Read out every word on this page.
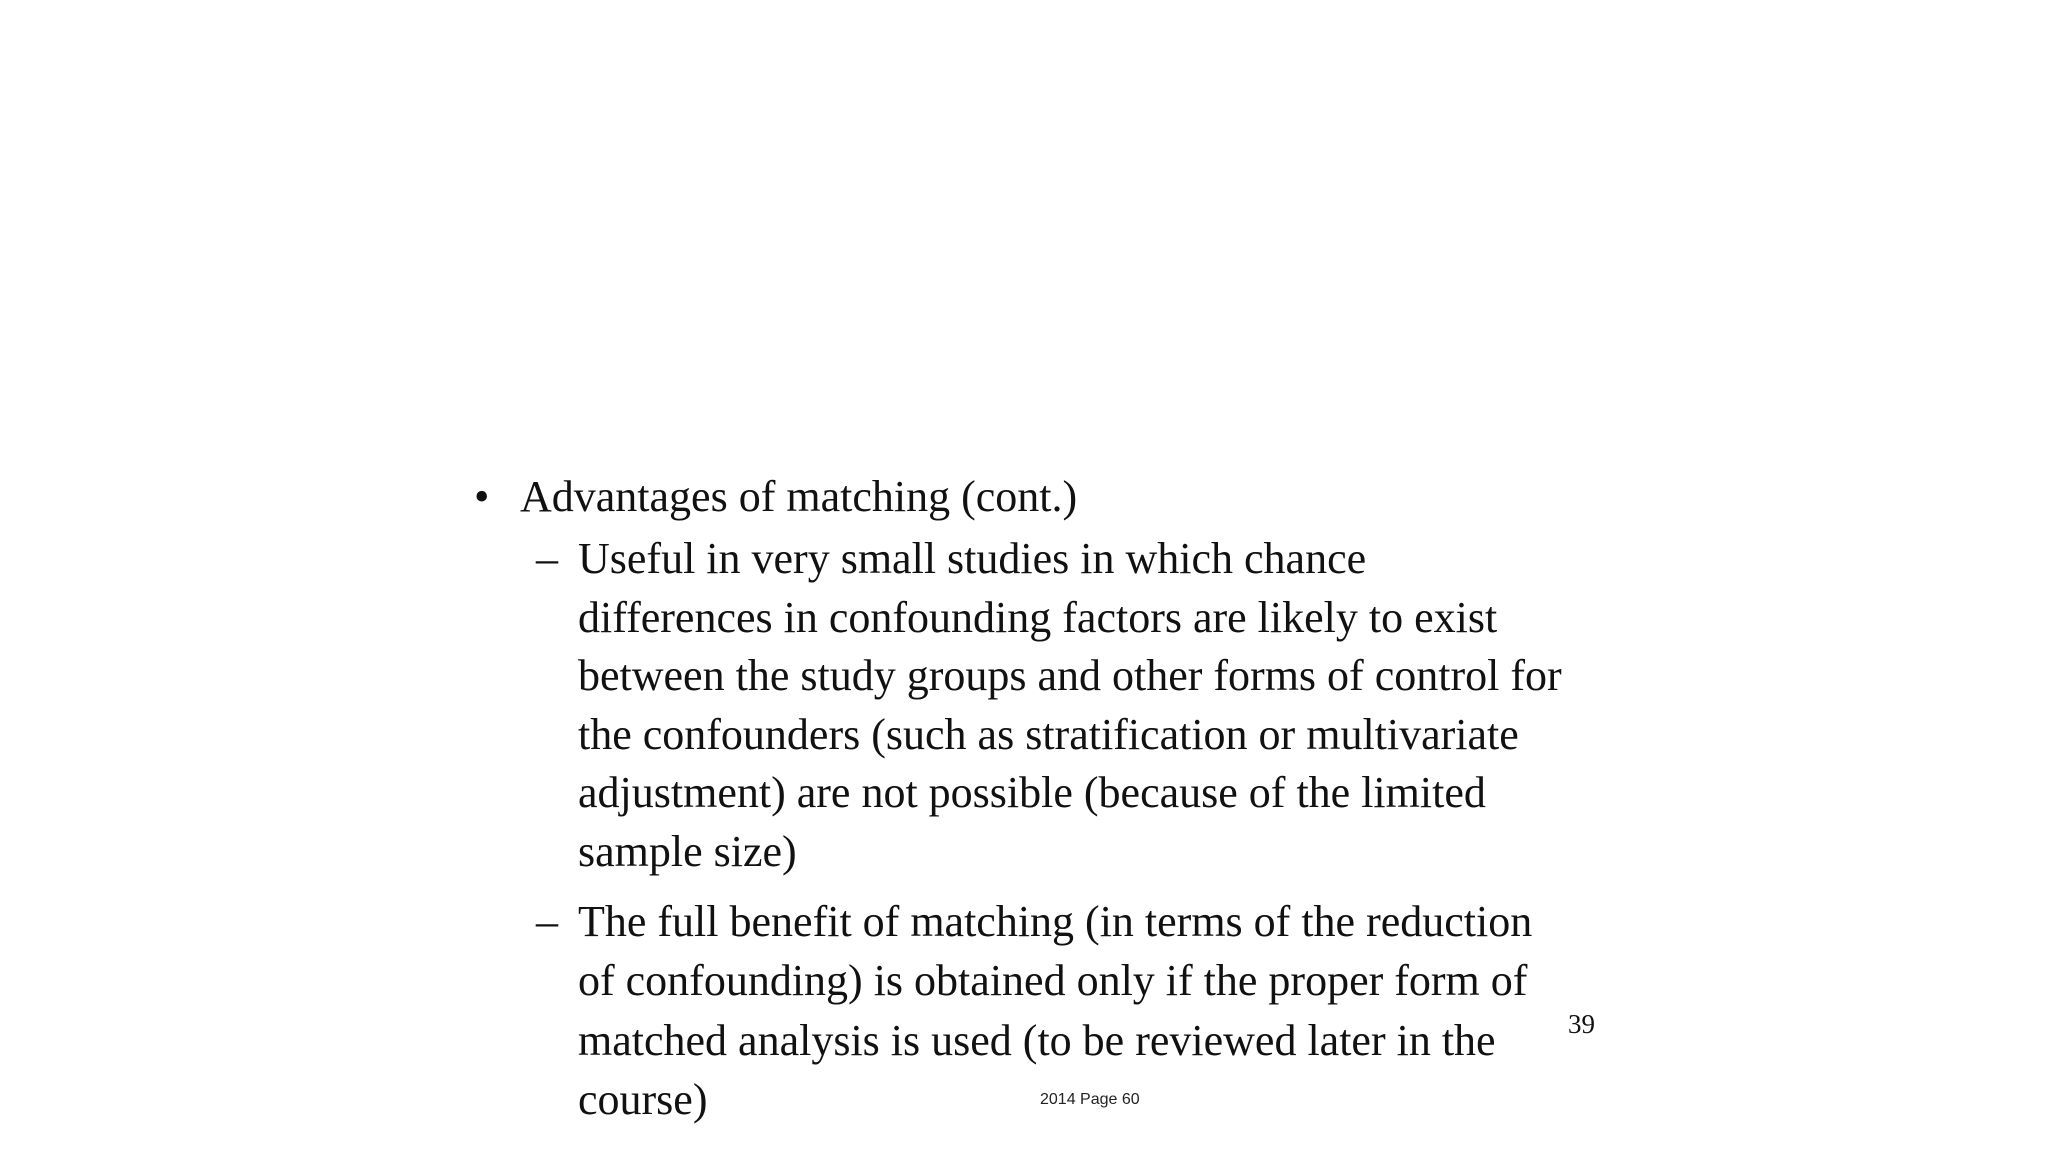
• Advantages of matching (cont.)
– Useful in very small studies in which chance
differences in confounding factors are likely to exist
between the study groups and other forms of control for
the confounders (such as stratification or multivariate
adjustment) are not possible (because of the limited
sample size)
– The full benefit of matching (in terms of the reduction
of confounding) is obtained only if the proper form of
matched analysis is used (to be reviewed later in the
course)
39
2014 Page 60
